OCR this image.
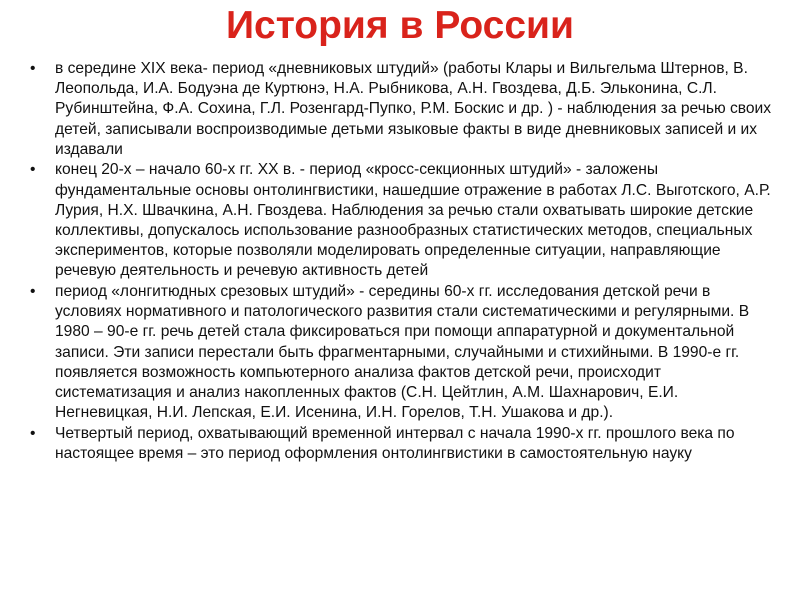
История в России
• в середине XIX века- период «дневниковых штудий» (работы Клары и Вильгельма Штернов, В. Леопольда, И.А. Бодуэна де Куртюнэ, Н.А. Рыбникова, А.Н. Гвоздева, Д.Б. Эльконина, С.Л. Рубинштейна, Ф.А. Сохина, Г.Л. Розенгард-Пупко, Р.М. Боскис и др. ) - наблюдения за речью своих детей, записывали воспроизводимые детьми языковые факты в виде дневниковых записей и их издавали
• конец 20-х – начало 60-х гг. XX в. - период «кросс-секционных штудий» - заложены фундаментальные основы онтолингвистики, нашедшие отражение в работах Л.С. Выготского, А.Р. Лурия, Н.Х. Швачкина, А.Н. Гвоздева. Наблюдения за речью стали охватывать широкие детские коллективы, допускалось использование разнообразных статистических методов, специальных экспериментов, которые позволяли моделировать определенные ситуации, направляющие речевую деятельность и речевую активность детей
• период «лонгитюдных срезовых штудий» - середины 60-х гг. исследования детской речи в условиях нормативного и патологического развития стали систематическими и регулярными. В 1980 – 90-е гг. речь детей стала фиксироваться при помощи аппаратурной и документальной записи. Эти записи перестали быть фрагментарными, случайными и стихийными. В 1990-е гг. появляется возможность компьютерного анализа фактов детской речи, происходит систематизация и анализ накопленных фактов (С.Н. Цейтлин, А.М. Шахнарович, Е.И. Негневицкая, Н.И. Лепская, Е.И. Исенина, И.Н. Горелов, Т.Н. Ушакова и др.).
• Четвертый период, охватывающий временной интервал с начала 1990-х гг. прошлого века по настоящее время – это период оформления онтолингвистики в самостоятельную науку
